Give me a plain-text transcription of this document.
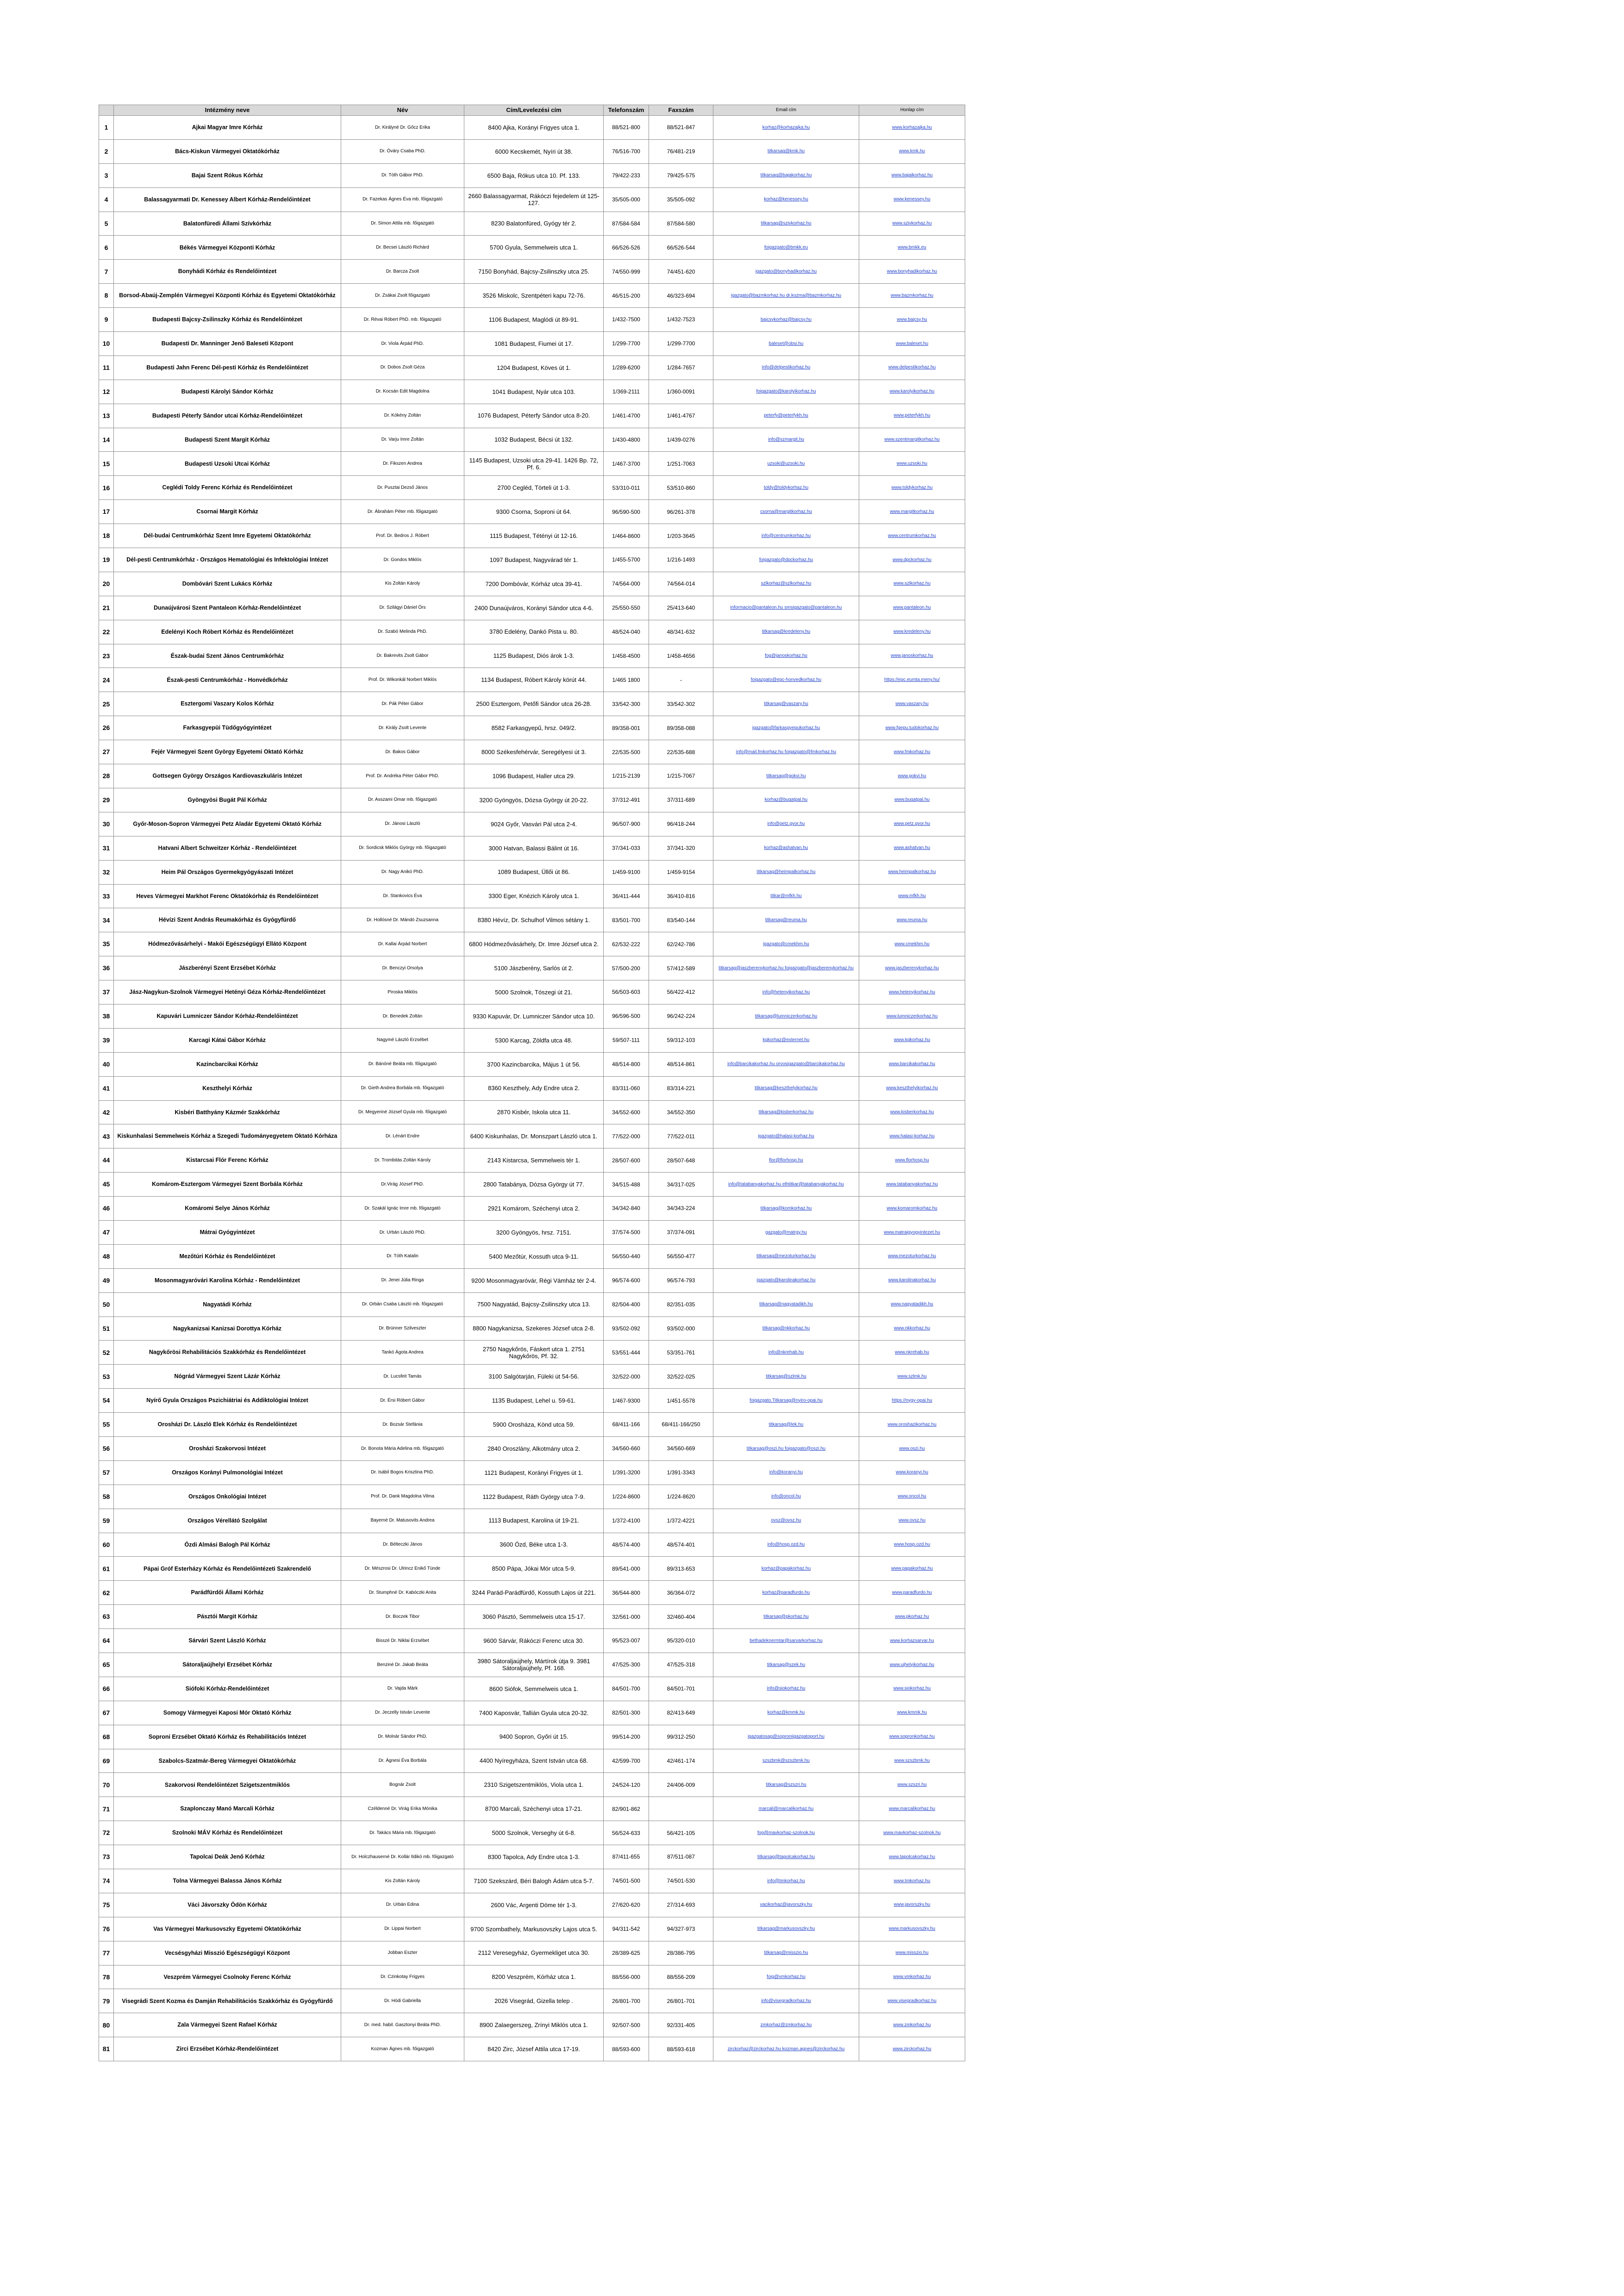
	Intézmény neve	Név	Cím/Levelezési cím	Telefonszám	Faxszám	Email cím	Honlap cím
1	Ajkai Magyar Imre Kórház	Dr. Királyné Dr. Gőcz Erika	8400 Ajka, Korányi Frigyes utca 1.	88/521-800	88/521-847	korhaz@korhazajka.hu	www.korhazajka.hu
2	Bács-Kiskun Vármegyei Oktatókórház	Dr. Óváry Csaba PhD.	6000 Kecskemét, Nyíri út 38.	76/516-700	76/481-219	titkarsag@kmk.hu	www.kmk.hu
3	Bajai Szent Rókus Kórház	Dr. Tóth Gábor PhD.	6500 Baja, Rókus utca 10. Pf. 133.	79/422-233	79/425-575	titkarsag@bajakorhaz.hu	www.bajaikorhaz.hu
4	Balassagyarmati Dr. Kenessey Albert Kórház-Rendelőintézet	Dr. Fazekas Ágnes Éva mb. főigazgató	2660 Balassagyarmat, Rákóczi fejedelem út 125-127.	35/505-000	35/505-092	korhaz@kenessey.hu	www.kenessey.hu
5	Balatonfüredi Állami Szívkórház	Dr. Simon Attila mb. főigazgató	8230 Balatonfüred, Gyógy tér 2.	87/584-584	87/584-580	titkarsag@szivkorhaz.hu	www.szivkorhaz.hu
6	Békés Vármegyei Központi Kórház	Dr. Becsei László Richárd	5700 Gyula, Semmelweis utca 1.	66/526-526	66/526-544	foigazgato@bmkk.eu	www.bmkk.eu
7	Bonyhádi Kórház és Rendelőintézet	Dr. Barcza Zsolt	7150 Bonyhád, Bajcsy-Zsilinszky utca 25.	74/550-999	74/451-620	igazgato@bonyhadikorhaz.hu	www.bonyhadikorhaz.hu
8	Borsod-Abaúj-Zemplén Vármegyei Központi Kórház és Egyetemi Oktatókórház	Dr. Zsákai Zsolt főigazgató	3526 Miskolc, Szentpéteri kapu 72-76.	46/515-200	46/323-694	igazgato@bazmkorhaz.hu dr.kozma@bazmkorhaz.hu	www.bazmkorhaz.hu
9	Budapesti Bajcsy-Zsilinszky Kórház és Rendelőintézet	Dr. Révai Róbert PhD. mb. főigazgató	1106 Budapest, Maglódi út 89-91.	1/432-7500	1/432-7523	bajcsykorhaz@bajcsy.hu	www.bajcsy.hu
10	Budapesti Dr. Manninger Jenő Baleseti Központ	Dr. Viola Árpád PhD.	1081 Budapest, Fiumei út 17.	1/299-7700	1/299-7700	baleset@obsi.hu	www.baleset.hu
11	Budapesti Jahn Ferenc Dél-pesti Kórház és Rendelőintézet	Dr. Dobos Zsolt Géza	1204 Budapest, Köves út 1.	1/289-6200	1/284-7657	info@delpestikorhaz.hu	www.delpestikorhaz.hu
12	Budapesti Károlyi Sándor Kórház	Dr. Kocsán Edit Magdolna	1041 Budapest, Nyár utca 103.	1/369-2111	1/360-0091	foigazgato@karolyikorhaz.hu	www.karolyikorhaz.hu
13	Budapesti Péterfy Sándor utcai Kórház-Rendelőintézet	Dr. Kókény Zoltán	1076 Budapest, Péterfy Sándor utca 8-20.	1/461-4700	1/461-4767	peterfy@peterfykh.hu	www.peterfykh.hu
14	Budapesti Szent Margit Kórház	Dr. Varju Imre Zoltán	1032 Budapest, Bécsi út 132.	1/430-4800	1/439-0276	info@szmargit.hu	www.szentmargitkorhaz.hu
15	Budapesti Uzsoki Utcai Kórház	Dr. Fikszen Andrea	1145 Budapest, Uzsoki utca 29-41. 1426 Bp. 72, Pf. 6.	1/467-3700	1/251-7063	uzsoki@uzsoki.hu	www.uzsoki.hu
16	Ceglédi Toldy Ferenc Kórház és Rendelőintézet	Dr. Pusztai Dezső János	2700 Cegléd, Törteli út 1-3.	53/310-011	53/510-860	toldy@toldykorhaz.hu	www.toldykorhaz.hu
17	Csornai Margit Kórház	Dr. Ábrahám Péter mb. főigazgató	9300 Csorna, Soproni út 64.	96/590-500	96/261-378	csorna@margitkorhaz.hu	www.margitkorhaz.hu
18	Dél-budai Centrumkórház Szent Imre Egyetemi Oktatókórház	Prof. Dr. Bedros J. Róbert	1115 Budapest, Tétényi út 12-16.	1/464-8600	1/203-3645	info@centrumkorhaz.hu	www.centrumkorhaz.hu
19	Dél-pesti Centrumkórház - Országos Hematológiai és Infektológiai Intézet	Dr. Gondos Miklós	1097 Budapest, Nagyvárad tér 1.	1/455-5700	1/216-1493	foigazgato@dpckorhaz.hu	www.dpckorhaz.hu
20	Dombóvári Szent Lukács Kórház	Kis Zoltán Károly	7200 Dombóvár, Kórház utca 39-41.	74/564-000	74/564-014	szlkorhaz@szlkorhaz.hu	www.szlkorhaz.hu
21	Dunaújvárosi Szent Pantaleon Kórház-Rendelőintézet	Dr. Szilágyi Dániel Örs	2400 Dunaújváros, Korányi Sándor utca 4-6.	25/550-550	25/413-640	informacio@pantaleon.hu smsigazgato@pantaleon.hu	www.pantaleon.hu
22	Edelényi Koch Róbert Kórház és Rendelőintézet	Dr. Szabó Melinda PhD.	3780 Edelény, Dankó Pista u. 80.	48/524-040	48/341-632	titkarsag@kredeleny.hu	www.kredeleny.hu
23	Észak-budai Szent János Centrumkórház	Dr. Bakrevits Zsolt Gábor	1125 Budapest, Diós árok 1-3.	1/458-4500	1/458-4656	fog@janoskorhaz.hu	www.janoskorhaz.hu
24	Észak-pesti Centrumkórház - Honvédkórház	Prof. Dr. Wikonkál Norbert Miklós	1134 Budapest, Róbert Károly körút 44.	1/465 1800	-	foigazgato@epc-honvedkorhaz.hu	https://epc.eumta.meny.hu/
25	Esztergomi Vaszary Kolos Kórház	Dr. Pák Péter Gábor	2500 Esztergom, Petőfi Sándor utca 26-28.	33/542-300	33/542-302	titkarsag@vaszary.hu	www.vaszary.hu
26	Farkasgyepüi Tüdőgyógyintézet	Dr. Király Zsolt Levente	8582 Farkasgyepű, hrsz. 049/2.	89/358-001	89/358-088	igazgato@farkasgyepukorhaz.hu	www.fgepu.tudokorhaz.hu
27	Fejér Vármegyei Szent György Egyetemi Oktató Kórház	Dr. Bakos Gábor	8000 Székesfehérvár, Seregélyesi út 3.	22/535-500	22/535-688	info@mail.fmkorhaz.hu foigazgato@fmkorhaz.hu	www.fmkorhaz.hu
28	Gottsegen György Országos Kardiovaszkuláris Intézet	Prof. Dr. Andréka Péter Gábor PhD.	1096 Budapest, Haller utca 29.	1/215-2139	1/215-7067	titkarsag@gokvi.hu	www.gokvi.hu
29	Gyöngyösi Bugát Pál Kórház	Dr. Asszami Omar mb. főigazgató	3200 Gyöngyös, Dózsa György út 20-22.	37/312-491	37/311-689	korhaz@bugatpal.hu	www.bugatpal.hu
30	Győr-Moson-Sopron Vármegyei Petz Aladár Egyetemi Oktató Kórház	Dr. Jánosi László	9024 Győr, Vasvári Pál utca 2-4.	96/507-900	96/418-244	info@petz.gyor.hu	www.petz.gyor.hu
31	Hatvani Albert Schweitzer Kórház - Rendelőintézet	Dr. Sordicsk Miklós György mb. főigazgató	3000 Hatvan, Balassi Bálint út 16.	37/341-033	37/341-320	korhaz@ashatvan.hu	www.ashatvan.hu
32	Heim Pál Országos Gyermekgyógyászati Intézet	Dr. Nagy Anikó PhD.	1089 Budapest, Üllői út 86.	1/459-9100	1/459-9154	titkarsag@heimpalkorhaz.hu	www.heimpalkorhaz.hu
33	Heves Vármegyei Markhot Ferenc Oktatókórház és Rendelőintézet	Dr. Stankovics Éva	3300 Eger, Knézich Károly utca 1.	36/411-444	36/410-816	titkar@mfkh.hu	www.mfkh.hu
34	Hévízi Szent András Reumakórház és Gyógyfürdő	Dr. Hollósné Dr. Mándó Zsuzsanna	8380 Hévíz, Dr. Schulhof Vilmos sétány 1.	83/501-700	83/540-144	titkarsag@reuma.hu	www.reuma.hu
35	Hódmezővásárhelyi - Makói Egészségügyi Ellátó Központ	Dr. Kallai Árpád Norbert	6800 Hódmezővásárhely, Dr. Imre József utca 2.	62/532-222	62/242-786	igazgato@cmekhm.hu	www.cmekhm.hu
36	Jászberényi Szent Erzsébet Kórház	Dr. Benczyi Orsolya	5100 Jászberény, Sarlós út 2.	57/500-200	57/412-589	titkarsag@jaszberenykorhaz.hu foigazgato@jaszberenykorhaz.hu	www.jaszberenykorhaz.hu
37	Jász-Nagykun-Szolnok Vármegyei Hetényi Géza Kórház-Rendelőintézet	Piroska Miklós	5000 Szolnok, Tószegi út 21.	56/503-603	56/422-412	info@hetenyikorhaz.hu	www.hetenyikorhaz.hu
38	Kapuvári Lumniczer Sándor Kórház-Rendelőintézet	Dr. Benedek Zoltán	9330 Kapuvár, Dr. Lumniczer Sándor utca 10.	96/596-500	96/242-224	titkarsag@lumniczerkorhaz.hu	www.lumniczerkorhaz.hu
39	Karcagi Kátai Gábor Kórház	Nagymé László Erzsébet	5300 Karcag, Zöldfa utca 48.	59/507-111	59/312-103	kgkorhaz@externet.hu	www.kgkorhaz.hu
40	Kazincbarcikai Kórház	Dr. Bánóné Beáta mb. főigazgató	3700 Kazincbarcika, Május 1 út 56.	48/514-800	48/514-861	info@barcikakorhaz.hu orvosigazgato@barcikakorhaz.hu	www.barcikakorhaz.hu
41	Keszthelyi Kórház	Dr. Gieth Andrea Borbála mb. főigazgató	8360 Keszthely, Ady Endre utca 2.	83/311-060	83/314-221	titkarsag@keszthelyikorhaz.hu	www.keszthelyikorhaz.hu
42	Kisbéri Batthyány Kázmér Szakkórház	Dr. Megyeriné József Gyula mb. főigazgató	2870 Kisbér, Iskola utca 11.	34/552-600	34/552-350	titkarsag@kisberkorhaz.hu	www.kisberkorhaz.hu
43	Kiskunhalasi Semmelweis Kórház a Szegedi Tudományegyetem Oktató Kórháza	Dr. Lénárt Endre	6400 Kiskunhalas, Dr. Monszpart László utca 1.	77/522-000	77/522-011	igazgato@halasi-korhaz.hu	www.halasi-korhaz.hu
44	Kistarcsai Flór Ferenc Kórház	Dr. Trombitás Zoltán Károly	2143 Kistarcsa, Semmelweis tér 1.	28/507-600	28/507-648	flor@florhosp.hu	www.florhosp.hu
45	Komárom-Esztergom Vármegyei Szent Borbála Kórház	Dr.Virág József PhD.	2800 Tatabánya, Dózsa György út 77.	34/515-488	34/317-025	info@tatabanyakorhaz.hu elhtitkar@tatabanyakorhaz.hu	www.tatabanyakorhaz.hu
46	Komáromi Selye János Kórház	Dr. Szakál Ignác Imre mb. főigazgató	2921 Komárom, Széchenyi utca 2.	34/342-840	34/343-224	titkarsag@komkorhaz.hu	www.komaromkorhaz.hu
47	Mátrai Gyógyintézet	Dr. Urbán László PhD.	3200 Gyöngyös, hrsz. 7151.	37/574-500	37/374-091	gazgato@matrgy.hu	www.matraigyogyintezet.hu
48	Mezőtúri Kórház és Rendelőintézet	Dr. Tóth Katalin	5400 Mezőtúr, Kossuth utca 9-11.	56/550-440	56/550-477	titkarsag@mezoturkorhaz.hu	www.mezoturkorhaz.hu
49	Mosonmagyaróvári Karolina Kórház - Rendelőintézet	Dr. Jenei Júlia Ringa	9200 Mosonmagyaróvár, Régi Vámház tér 2-4.	96/574-600	96/574-793	igazgato@karolinakorhaz.hu	www.karolinakorhaz.hu
50	Nagyatádi Kórház	Dr. Orbán Csaba László mb. főigazgató	7500 Nagyatád, Bajcsy-Zsilinszky utca 13.	82/504-400	82/351-035	titkarsag@nagyatadikh.hu	www.nagyatadikh.hu
51	Nagykanizsai Kanizsai Dorottya Kórház	Dr. Brünner Szilveszter	8800 Nagykanizsa, Szekeres József utca 2-8.	93/502-092	93/502-000	titkarsag@nkkorhaz.hu	www.nkkorhaz.hu
52	Nagykőrösi Rehabilitációs Szakkórház és Rendelőintézet	Tankó Ágota Andrea	2750 Nagykőrös, Fáskert utca 1. 2751 Nagykőrös, Pf. 32.	53/551-444	53/351-761	info@nkrehab.hu	www.nkrehab.hu
53	Nógrád Vármegyei Szent Lázár Kórház	Dr. Lucsfeit Tamás	3100 Salgótarján, Füleki út 54-56.	32/522-000	32/522-025	titkarsag@szlmk.hu	www.szlmk.hu
54	Nyírő Gyula Országos Pszichiátriai és Addiktológiai Intézet	Dr. Érsi Róbert Gábor	1135 Budapest, Lehel u. 59-61.	1/467-9300	1/451-5578	foigazgato.Titkarsag@nyiro-opai.hu	https://nygy-opai.hu
55	Orosházi Dr. László Elek Kórház és Rendelőintézet	Dr. Bozsár Stefánia	5900 Orosháza, Könd utca 59.	68/411-166	68/411-166/250	titkarsag@lek.hu	www.oroshazikorhaz.hu
56	Orosházi Szakorvosi Intézet	Dr. Bonota Mária Adelina mb. főigazgató	2840 Oroszlány, Alkotmány utca 2.	34/560-660	34/560-669	titkarsag@oszi.hu foigazgato@oszi.hu	www.oszi.hu
57	Országos Korányi Pulmonológiai Intézet	Dr. Isábil Bogos Krisztina PhD.	1121 Budapest, Korányi Frigyes út 1.	1/391-3200	1/391-3343	info@koranyi.hu	www.koranyi.hu
58	Országos Onkológiai Intézet	Prof. Dr. Dank Magdolna Vilma	1122 Budapest, Ráth György utca 7-9.	1/224-8600	1/224-8620	info@oncol.hu	www.oncol.hu
59	Országos Vérellátó Szolgálat	Bayerné Dr. Matusovits Andrea	1113 Budapest, Karolina út 19-21.	1/372-4100	1/372-4221	ovsz@ovsz.hu	www.ovsz.hu
60	Ózdi Almási Balogh Pál Kórház	Dr. Bélteczki János	3600 Ózd, Béke utca 1-3.	48/574-400	48/574-401	info@hosp.ozd.hu	www.hosp.ozd.hu
61	Pápai Gróf Esterházy Kórház és Rendelőintézeti Szakrendelő	Dr. Mészrosi Dr. Ulrincz Enikő Tünde	8500 Pápa, Jókai Mór utca 5-9.	89/541-000	89/313-653	korhaz@papakorhaz.hu	www.papakorhaz.hu
62	Parádfürdői Állami Kórház	Dr. Stumphné Dr. Kabóczki Anita	3244 Parád-Parádfürdő, Kossuth Lajos út 221.	36/544-800	36/364-072	korhaz@paradfurdo.hu	www.paradfurdo.hu
63	Pásztói Margit Kórház	Dr. Boczek Tibor	3060 Pásztó, Semmelweis utca 15-17.	32/561-000	32/460-404	titkarsag@pkorhaz.hu	www.pkorhaz.hu
64	Sárvári Szent László Kórház	Bisszé Dr. Niklai Erzsébet	9600 Sárvár, Rákóczi Ferenc utca 30.	95/523-007	95/320-010	bethadeknermtar@sarvarkorhaz.hu	www.korhazsarvar.hu
65	Sátoraljaújhelyi Erzsébet Kórház	Benziné Dr. Jakab Beáta	3980 Sátoraljaújhely, Mártírok útja 9. 3981 Sátoraljaújhely, Pf. 168.	47/525-300	47/525-318	titkarsag@szek.hu	www.ujhelyikorhaz.hu
66	Siófoki Kórház-Rendelőintézet	Dr. Vajda Márk	8600 Siófok, Semmelweis utca 1.	84/501-700	84/501-701	info@siokorhaz.hu	www.siokorhaz.hu
67	Somogy Vármegyei Kaposi Mór Oktató Kórház	Dr. Jeczelly István Levente	7400 Kaposvár, Tallián Gyula utca 20-32.	82/501-300	82/413-649	korhaz@kmmk.hu	www.kmmk.hu
68	Soproni Erzsébet Oktató Kórház és Rehabilitációs Intézet	Dr. Molnár Sándor PhD.	9400 Sopron, Győri út 15.	99/514-200	99/312-250	igazgatosag@soproniigazgatoport.hu	www.sopronkorhaz.hu
69	Szabolcs-Szatmár-Bereg Vármegyei Oktatókórház	Dr. Ágnesi Éva Borbála	4400 Nyíregyháza, Szent István utca 68.	42/599-700	42/461-174	szszbmk@szszbmk.hu	www.szszbmk.hu
70	Szakorvosi Rendelőintézet Szigetszentmiklós	Bognár Zsolt	2310 Szigetszentmiklós, Viola utca 1.	24/524-120	24/406-009	titkarsag@szszri.hu	www.szszri.hu
71	Szaplonczay Manó Marcali Kórház	Czéldenné Dr. Virág Erika Mónika	8700 Marcali, Széchenyi utca 17-21.	82/901-862		marcali@marcalikorhaz.hu	www.marcalikorhaz.hu
72	Szolnoki MÁV Kórház és Rendelőintézet	Dr. Takács Mária mb. főigazgató	5000 Szolnok, Verseghy út 6-8.	56/524-633	56/421-105	fog@mavkorhaz-szolnok.hu	www.mavkorhaz-szolnok.hu
73	Tapolcai Deák Jenő Kórház	Dr. Holczhauserné Dr. Kollár Ildikó mb. főigazgató	8300 Tapolca, Ady Endre utca 1-3.	87/411-655	87/511-087	titkarsag@tapolcakorhaz.hu	www.tapolcakorhaz.hu
74	Tolna Vármegyei Balassa János Kórház	Kis Zoltán Károly	7100 Szekszárd, Béri Balogh Ádám utca 5-7.	74/501-500	74/501-530	info@tmkorhaz.hu	www.tmkorhaz.hu
75	Váci Jávorszky Ödön Kórház	Dr. Urbán Edina	2600 Vác, Argenti Döme tér 1-3.	27/620-620	27/314-693	vacikorhaz@javorszky.hu	www.javorszky.hu
76	Vas Vármegyei Markusovszky Egyetemi Oktatókórház	Dr. Lippai Norbert	9700 Szombathely, Markusovszky Lajos utca 5.	94/311-542	94/327-973	titkarsag@markusovszky.hu	www.markusovszky.hu
77	Vecsésgyházi Misszió Egészségügyi Központ	Jobban Eszter	2112 Veresegyház, Gyermekliget utca 30.	28/389-625	28/386-795	titkarsag@misszio.hu	www.misszio.hu
78	Veszprém Vármegyei Csolnoky Ferenc Kórház	Dr. Czinkotay Frigyes	8200 Veszprém, Kórház utca 1.	88/556-000	88/556-209	foig@vmkorhaz.hu	www.vmkorhaz.hu
79	Visegrádi Szent Kozma és Damján Rehabilitációs Szakkórház és Gyógyfürdő	Dr. Hódi Gabriella	2026 Visegrád, Gizella telep .	26/801-700	26/801-701	info@visegradkorhaz.hu	www.visegradkorhaz.hu
80	Zala Vármegyei Szent Rafael Kórház	Dr. med. habil. Gasztonyi Beáta PhD.	8900 Zalaegerszeg, Zrínyi Miklós utca 1.	92/507-500	92/331-405	zmkorhaz@zmkorhaz.hu	www.zmkorhaz.hu
81	Zirci Erzsébet Kórház-Rendelőintézet	Kozman Ágnes mb. főigazgató	8420 Zirc, József Attila utca 17-19.	88/593-600	88/593-618	zirckorhaz@zirckorhaz.hu kozman.agnes@zirckorhaz.hu	www.zirckorhaz.hu
